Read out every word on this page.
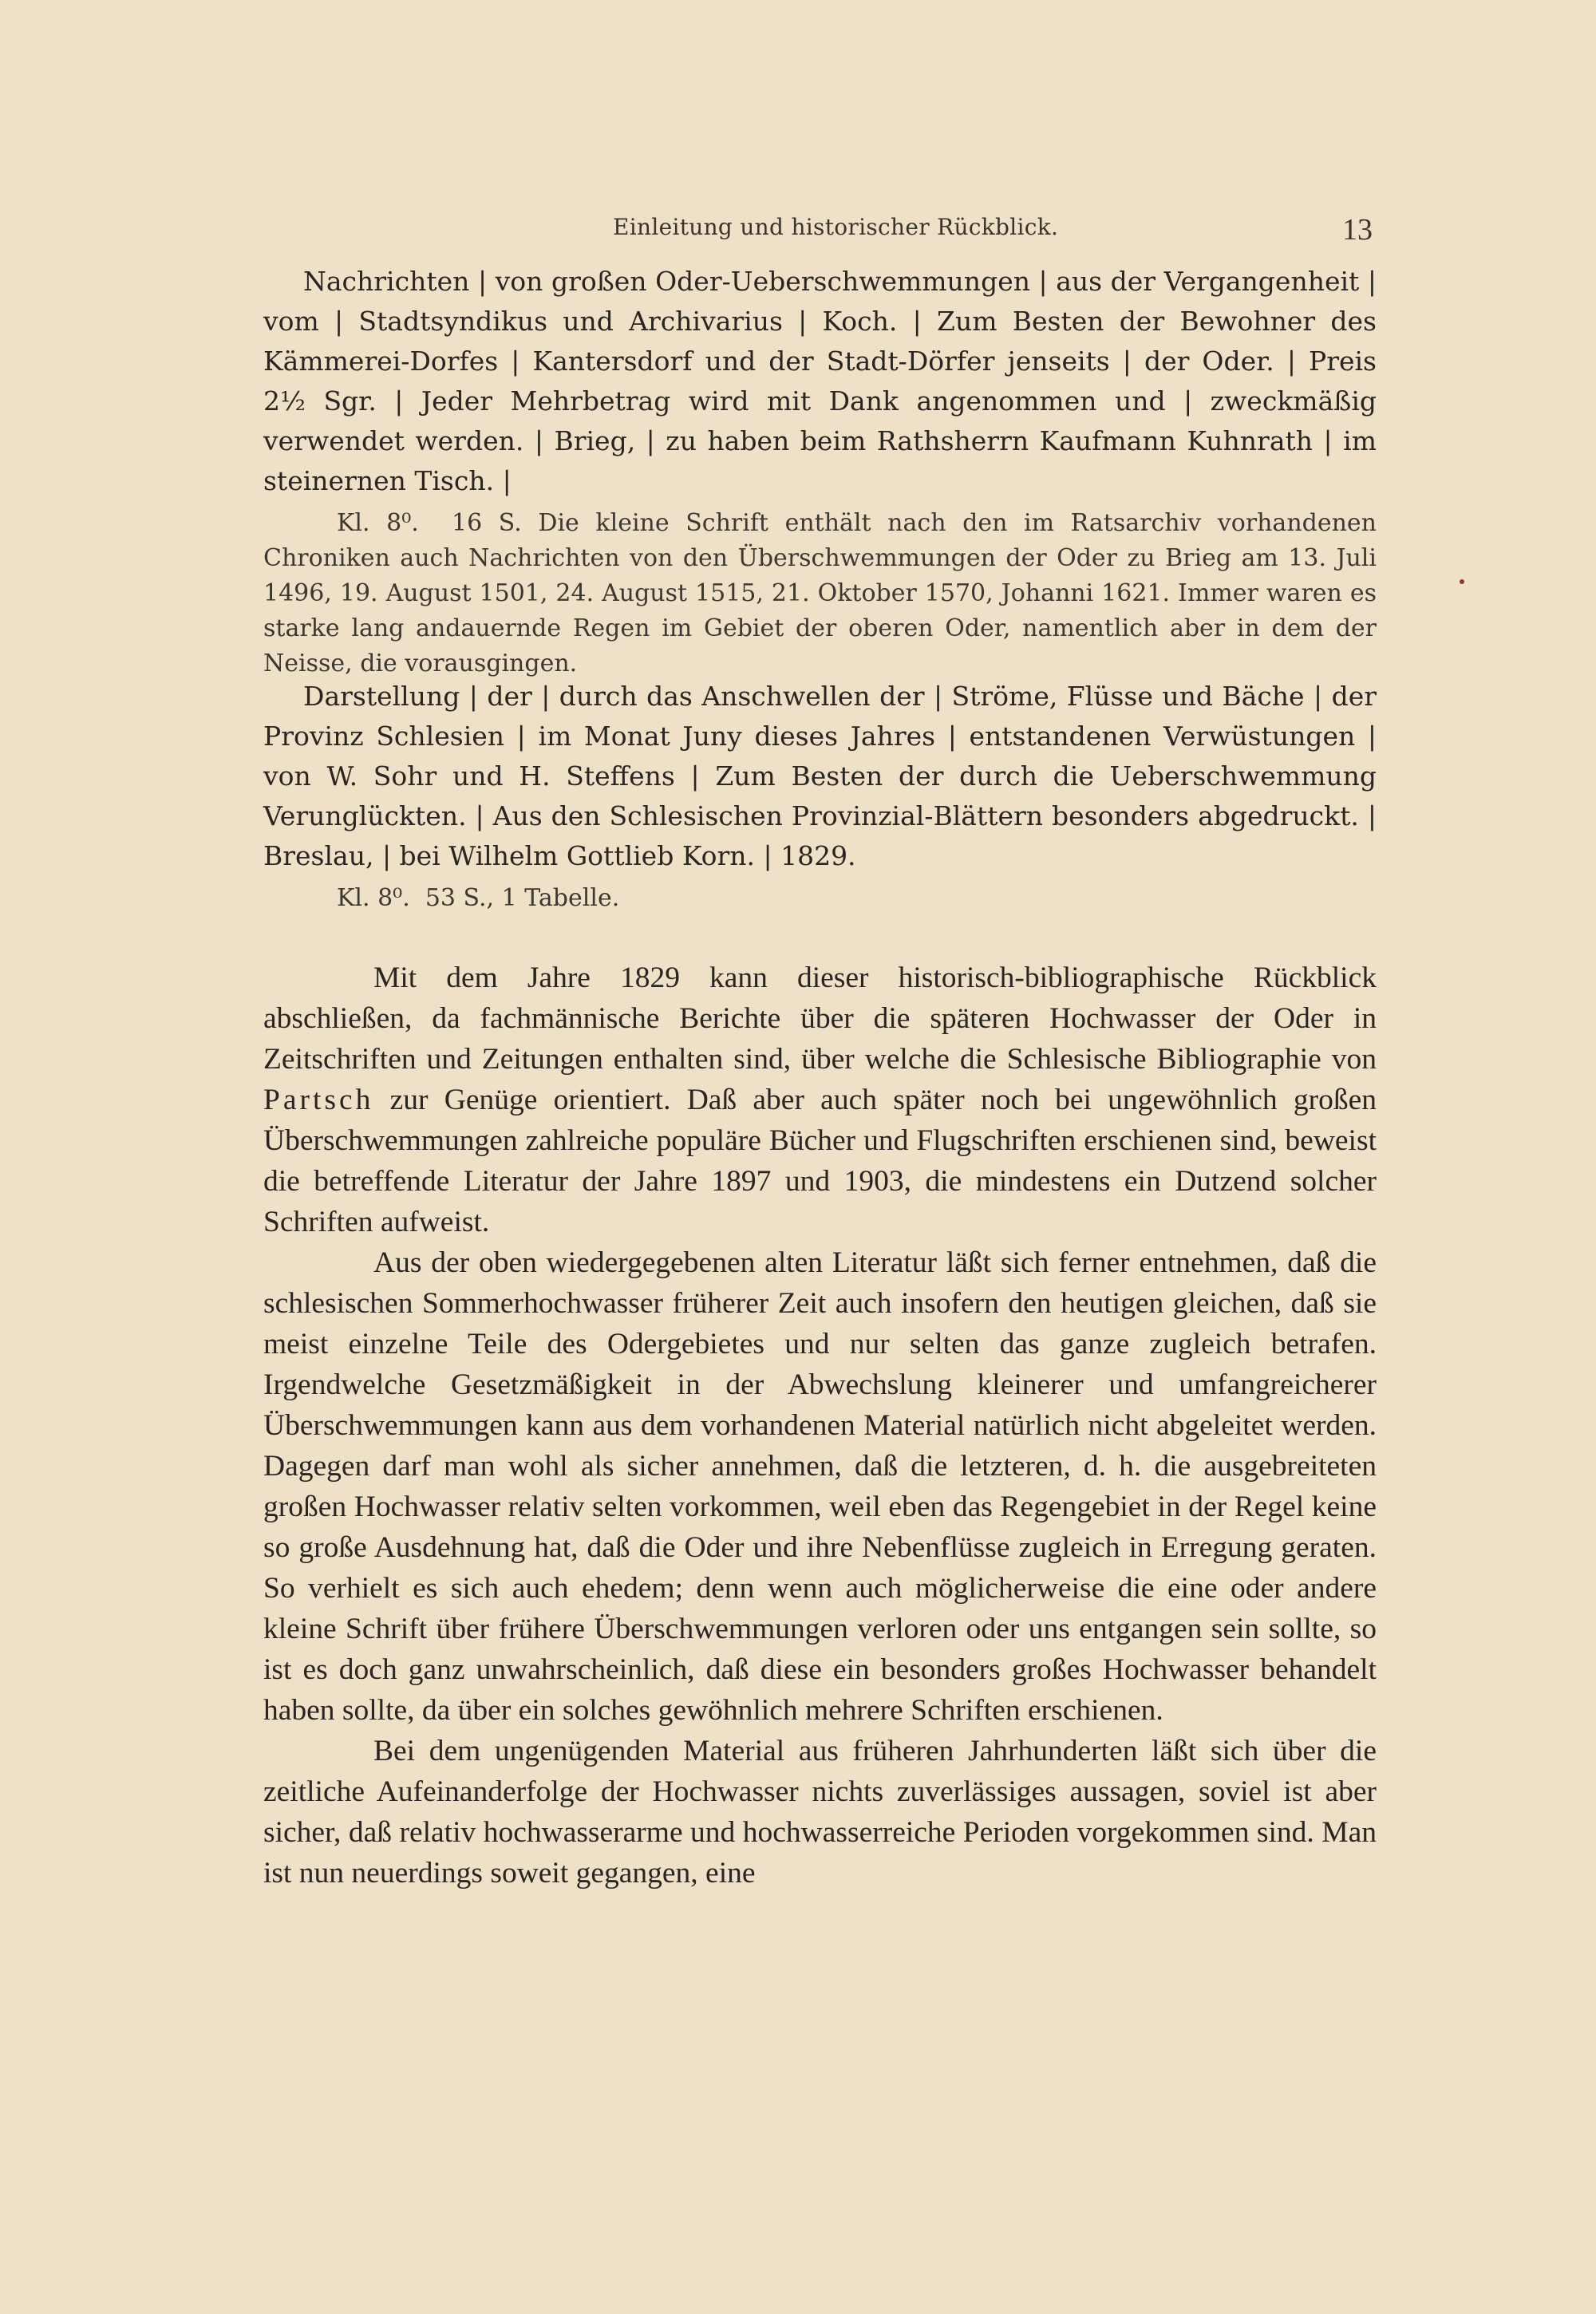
Einleitung und historischer Rückblick.	13
Nachrichten | von großen Oder-Ueberschwemmungen | aus der Vergangenheit | vom | Stadtsyndikus und Archivarius | Koch. | Zum Besten der Bewohner des Kämmerei-Dorfes | Kantersdorf und der Stadt-Dörfer jenseits | der Oder. | Preis 2½ Sgr. | Jeder Mehrbetrag wird mit Dank angenommen und | zweckmäßig verwendet werden. | Brieg, | zu haben beim Rathsherrn Kaufmann Kuhnrath | im steinernen Tisch. |
Kl. 8⁰. 16 S. Die kleine Schrift enthält nach den im Ratsarchiv vorhandenen Chroniken auch Nachrichten von den Überschwemmungen der Oder zu Brieg am 13. Juli 1496, 19. August 1501, 24. August 1515, 21. Oktober 1570, Johanni 1621. Immer waren es starke lang andauernde Regen im Gebiet der oberen Oder, namentlich aber in dem der Neisse, die vorausgingen.
Darstellung | der | durch das Anschwellen der | Ströme, Flüsse und Bäche | der Provinz Schlesien | im Monat Juny dieses Jahres | entstandenen Verwüstungen | von W. Sohr und H. Steffens | Zum Besten der durch die Ueberschwemmung Verunglückten. | Aus den Schlesischen Provinzial-Blättern besonders abgedruckt. | Breslau, | bei Wilhelm Gottlieb Korn. | 1829.
Kl. 8⁰. 53 S., 1 Tabelle.

Mit dem Jahre 1829 kann dieser historisch-bibliographische Rückblick abschließen, da fachmännische Berichte über die späteren Hochwasser der Oder in Zeitschriften und Zeitungen enthalten sind, über welche die Schlesische Bibliographie von Partsch zur Genüge orientiert. Daß aber auch später noch bei ungewöhnlich großen Überschwemmungen zahlreiche populäre Bücher und Flugschriften erschienen sind, beweist die betreffende Literatur der Jahre 1897 und 1903, die mindestens ein Dutzend solcher Schriften aufweist.

Aus der oben wiedergegebenen alten Literatur läßt sich ferner entnehmen, daß die schlesischen Sommerhochwasser früherer Zeit auch insofern den heutigen gleichen, daß sie meist einzelne Teile des Odergebietes und nur selten das ganze zugleich betrafen. Irgendwelche Gesetzmäßigkeit in der Abwechslung kleinerer und umfangreicherer Überschwemmungen kann aus dem vorhandenen Material natürlich nicht abgeleitet werden. Dagegen darf man wohl als sicher annehmen, daß die letzteren, d. h. die ausgebreiteten großen Hochwasser relativ selten vorkommen, weil eben das Regengebiet in der Regel keine so große Ausdehnung hat, daß die Oder und ihre Nebenflüsse zugleich in Erregung geraten. So verhielt es sich auch ehedem; denn wenn auch möglicherweise die eine oder andere kleine Schrift über frühere Überschwemmungen verloren oder uns entgangen sein sollte, so ist es doch ganz unwahrscheinlich, daß diese ein besonders großes Hochwasser behandelt haben sollte, da über ein solches gewöhnlich mehrere Schriften erschienen.

Bei dem ungenügenden Material aus früheren Jahrhunderten läßt sich über die zeitliche Aufeinanderfolge der Hochwasser nichts zuverlässiges aussagen, soviel ist aber sicher, daß relativ hochwasserarme und hochwasserreiche Perioden vorgekommen sind. Man ist nun neuerdings soweit gegangen, eine
